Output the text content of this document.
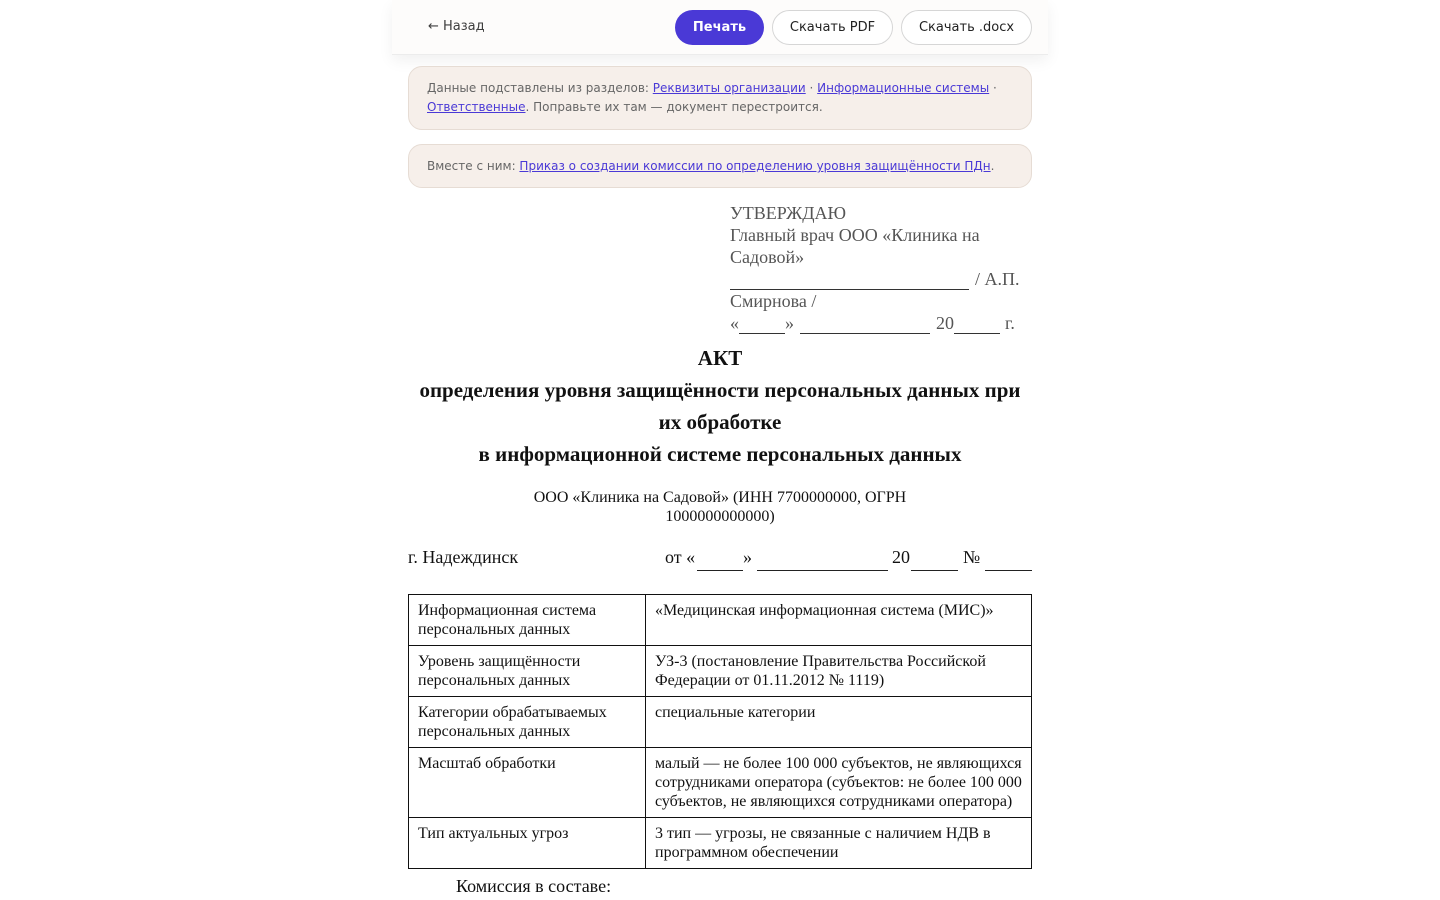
← Назад	Печать	Скачать PDF	Скачать .docx
Данные подставлены из разделов: Реквизиты организации · Информационные системы · Ответственные. Поправьте их там — документ перестроится.
Вместе с ним: Приказ о создании комиссии по определению уровня защищённости ПДн.
УТВЕРЖДАЮ
Главный врач ООО «Клиника на
Садовой»
/ А.П.
Смирнова /
«	»	20	г.
АКТ
определения уровня защищённости персональных данных при
их обработке
в информационной системе персональных данных
ООО «Клиника на Садовой» (ИНН 7700000000, ОГРН
1000000000000)
г. Надеждинск	от «	»	20	№
Информационная система персональных данных	«Медицинская информационная система (МИС)»
Уровень защищённости персональных данных	УЗ-3 (постановление Правительства Российской Федерации от 01.11.2012 № 1119)
Категории обрабатываемых персональных данных	специальные категории
Масштаб обработки	малый — не более 100 000 субъектов, не являющихся сотрудниками оператора (субъектов: не более 100 000 субъектов, не являющихся сотрудниками оператора)
Тип актуальных угроз	3 тип — угрозы, не связанные с наличием НДВ в программном обеспечении
Комиссия в составе:
